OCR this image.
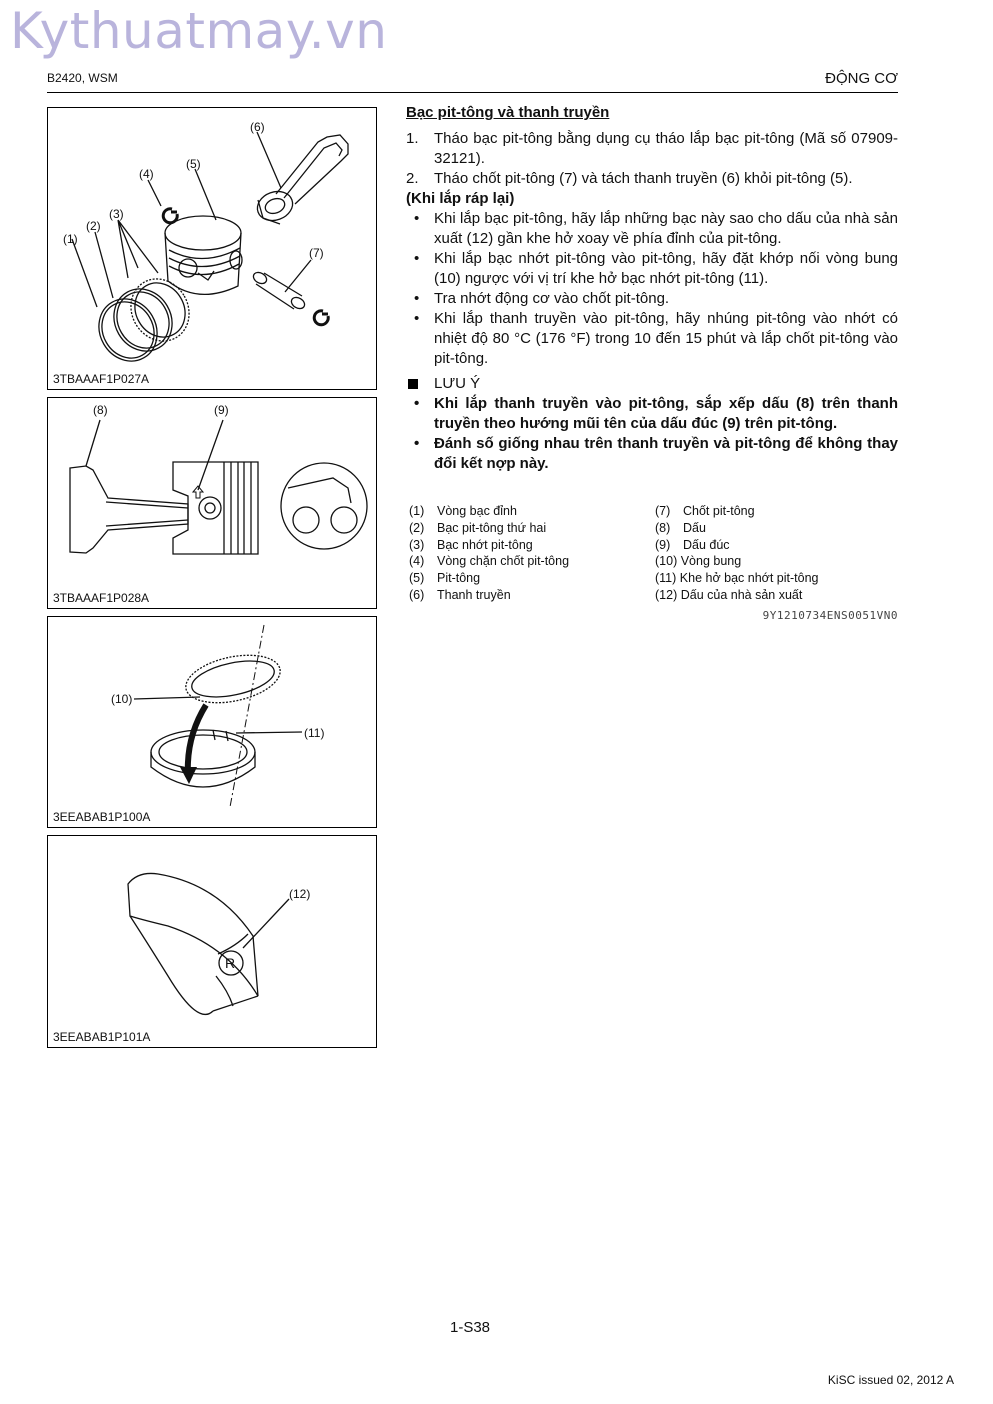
Kythuatmay.vn
B2420, WSM	ĐỘNG CƠ
(1)
(2)
(3)
(4)
(5)
(6)
(7)
3TBAAAF1P027A
(8)	(9)
3TBAAAF1P028A
(10)
(11)
3EEABAB1P100A
R
(12)
3EEABAB1P101A
Bạc pit-tông và thanh truyền
1.	Tháo bạc pit-tông bằng dụng cụ tháo lắp bạc pit-tông (Mã số 07909-32121).
2.	Tháo chốt pit-tông (7) và tách thanh truyền (6) khỏi pit-tông (5).
(Khi lắp ráp lại)
• Khi lắp bạc pit-tông, hãy lắp những bạc này sao cho dấu của nhà sản xuất (12) gần khe hở xoay về phía đỉnh của pit-tông.
• Khi lắp bạc nhớt pit-tông vào pit-tông, hãy đặt khớp nối vòng bung (10) ngược với vị trí khe hở bạc nhớt pit-tông (11).
• Tra nhớt động cơ vào chốt pit-tông.
• Khi lắp thanh truyền vào pit-tông, hãy nhúng pit-tông vào nhớt có nhiệt độ 80 °C (176 °F) trong 10 đến 15 phút và lắp chốt pit-tông vào pit-tông.
LƯU Ý
• Khi lắp thanh truyền vào pit-tông, sắp xếp dấu (8) trên thanh truyền theo hướng mũi tên của dấu đúc (9) trên pit-tông.
• Đánh số giống nhau trên thanh truyền và pit-tông để không thay đổi kết nợp này.
(1)	Vòng bạc đỉnh
(2)	Bạc pit-tông thứ hai
(3)	Bạc nhớt pit-tông
(4)	Vòng chặn chốt pit-tông
(5)	Pit-tông
(6)	Thanh truyền
(7)	Chốt pit-tông
(8)	Dấu
(9)	Dấu đúc
(10)
Vòng bung
(11)
Khe hở bạc nhớt pit-tông
(12)
Dấu của nhà sản xuất
9Y1210734ENS0051VN0
1-S38
KiSC issued 02, 2012 A
